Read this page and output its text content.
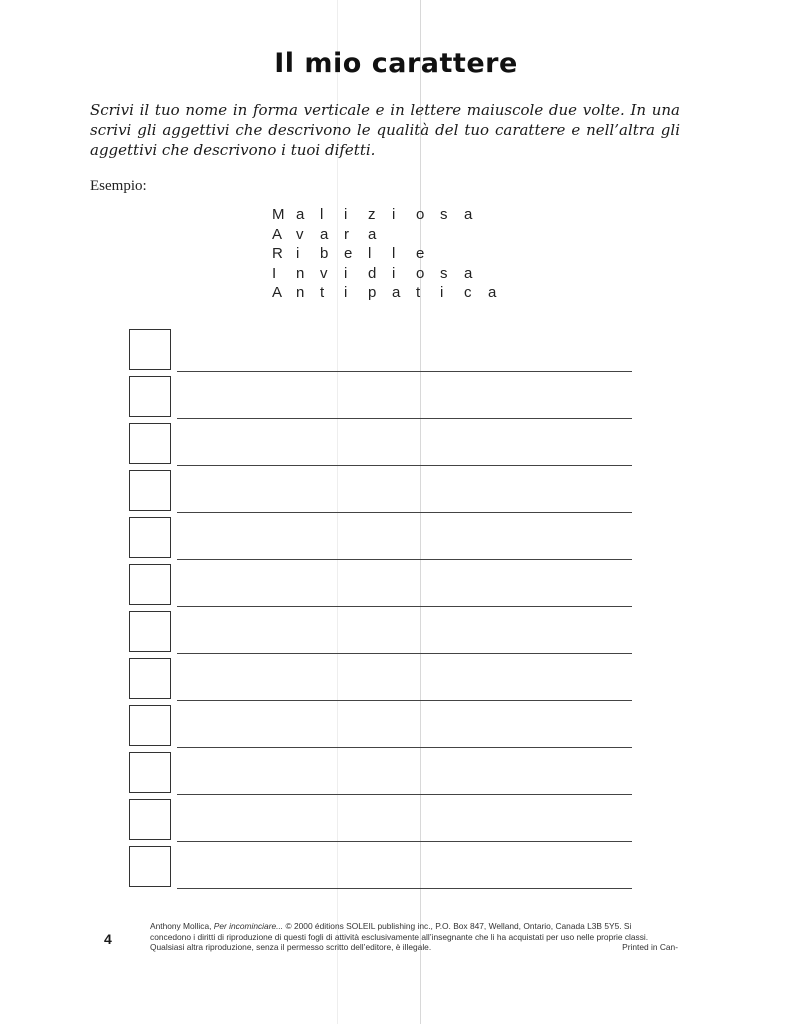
Il mio carattere
Scrivi il tuo nome in forma verticale e in lettere maiuscole due volte. In una scrivi gli aggettivi che descrivono le qualità del tuo carattere e nell’altra gli aggettivi che descrivono i tuoi difetti.
Esempio:
M a	l	i	z	i	o	s	a
A v	a	r	a
R i	b	e	l	l	e
I	n	v	i	d	i	o	s	a
A n	t	i	p	a	t	i	c	a
4
Anthony Mollica, Per incominciare... © 2000 éditions SOLEIL publishing inc., P.O. Box 847, Welland, Ontario, Canada L3B 5Y5. Si
concedono i diritti di riproduzione di questi fogli di attività esclusivamente all’insegnante che li ha acquistati per uso nelle proprie classi.
Qualsiasi altra riproduzione, senza il permesso scritto dell’editore, è illegale.	Printed in Can-
